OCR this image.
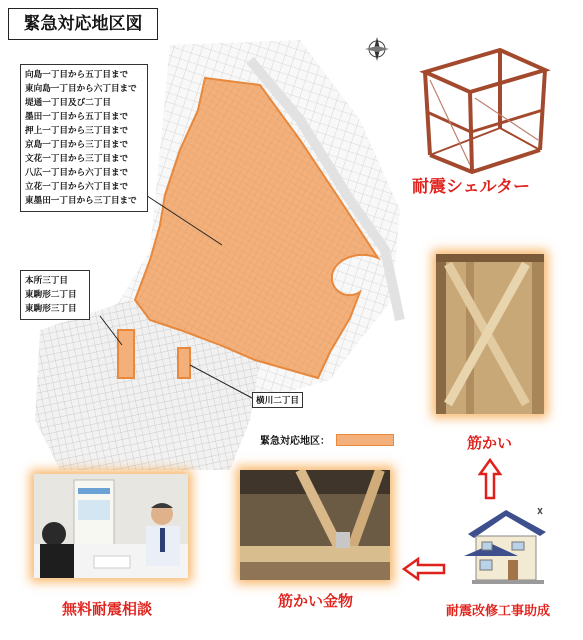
緊急対応地区図
向島一丁目から五丁目まで
東向島一丁目から六丁目まで
堤通一丁目及び二丁目
墨田一丁目から五丁目まで
押上一丁目から三丁目まで
京島一丁目から三丁目まで
文花一丁目から三丁目まで
八広一丁目から六丁目まで
立花一丁目から六丁目まで
東墨田一丁目から三丁目まで
本所三丁目
東駒形二丁目
東駒形三丁目
横川二丁目
緊急対応地区：
耐震シェルター
筋かい
耐震改修工事助成
筋かい金物
無料耐震相談
